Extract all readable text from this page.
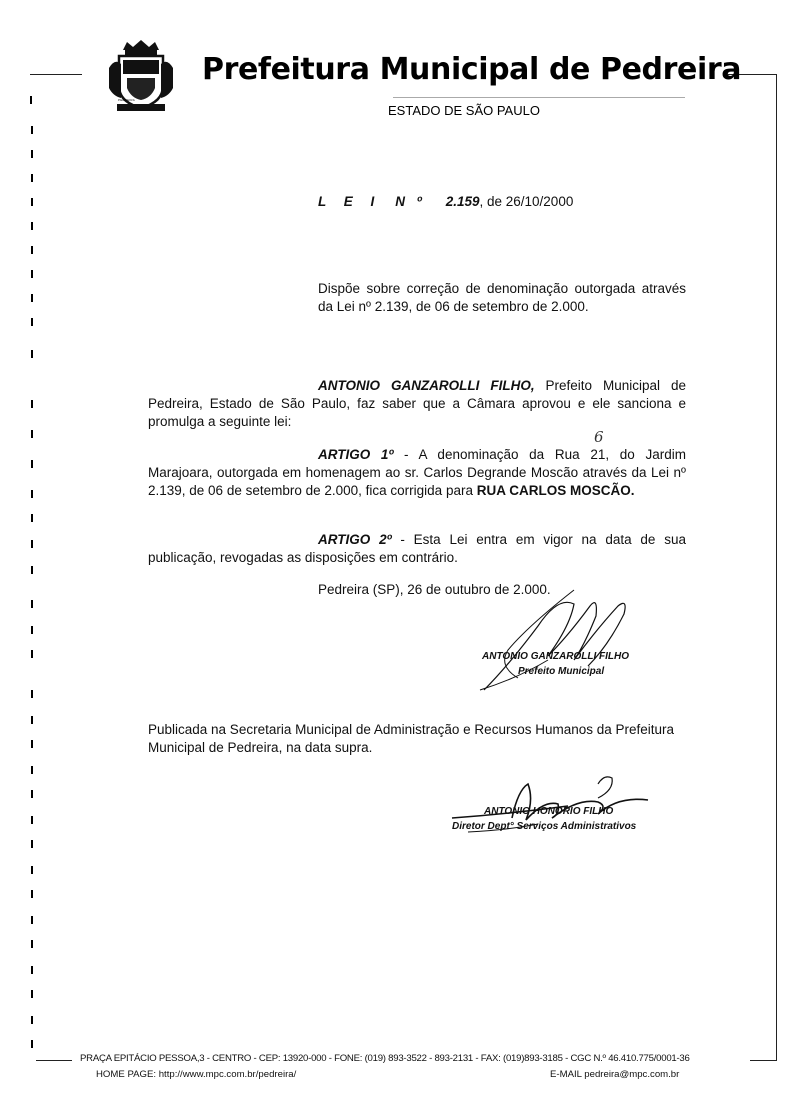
PEDREIRA
Prefeitura Municipal de Pedreira
ESTADO DE SÃO PAULO
L E I N º 2.159, de 26/10/2000
Dispõe sobre correção de denominação outorgada através da Lei nº 2.139, de 06 de setembro de 2.000.
ANTONIO GANZAROLLI FILHO, Prefeito Municipal de Pedreira, Estado de São Paulo, faz saber que a Câmara aprovou e ele sanciona e promulga a seguinte lei:
6
ARTIGO 1º - A denominação da Rua 21, do Jardim Marajoara, outorgada em homenagem ao sr. Carlos Degrande Moscão através da Lei nº 2.139, de 06 de setembro de 2.000, fica corrigida para RUA CARLOS MOSCÃO.
ARTIGO 2º - Esta Lei entra em vigor na data de sua publicação, revogadas as disposições em contrário.
Pedreira (SP), 26 de outubro de 2.000.
ANTONIO GANZAROLLI FILHO
Prefeito Municipal
Publicada na Secretaria Municipal de Administração e Recursos Humanos da Prefeitura Municipal de Pedreira, na data supra.
ANTONIO HONORIO FILHO
Diretor Dept° Serviços Administrativos
PRAÇA EPITÁCIO PESSOA,3 - CENTRO - CEP: 13920-000 - FONE: (019) 893-3522 - 893-2131 - FAX: (019)893-3185 - CGC N.º 46.410.775/0001-36
HOME PAGE: http://www.mpc.com.br/pedreira/	E-MAIL pedreira@mpc.com.br
